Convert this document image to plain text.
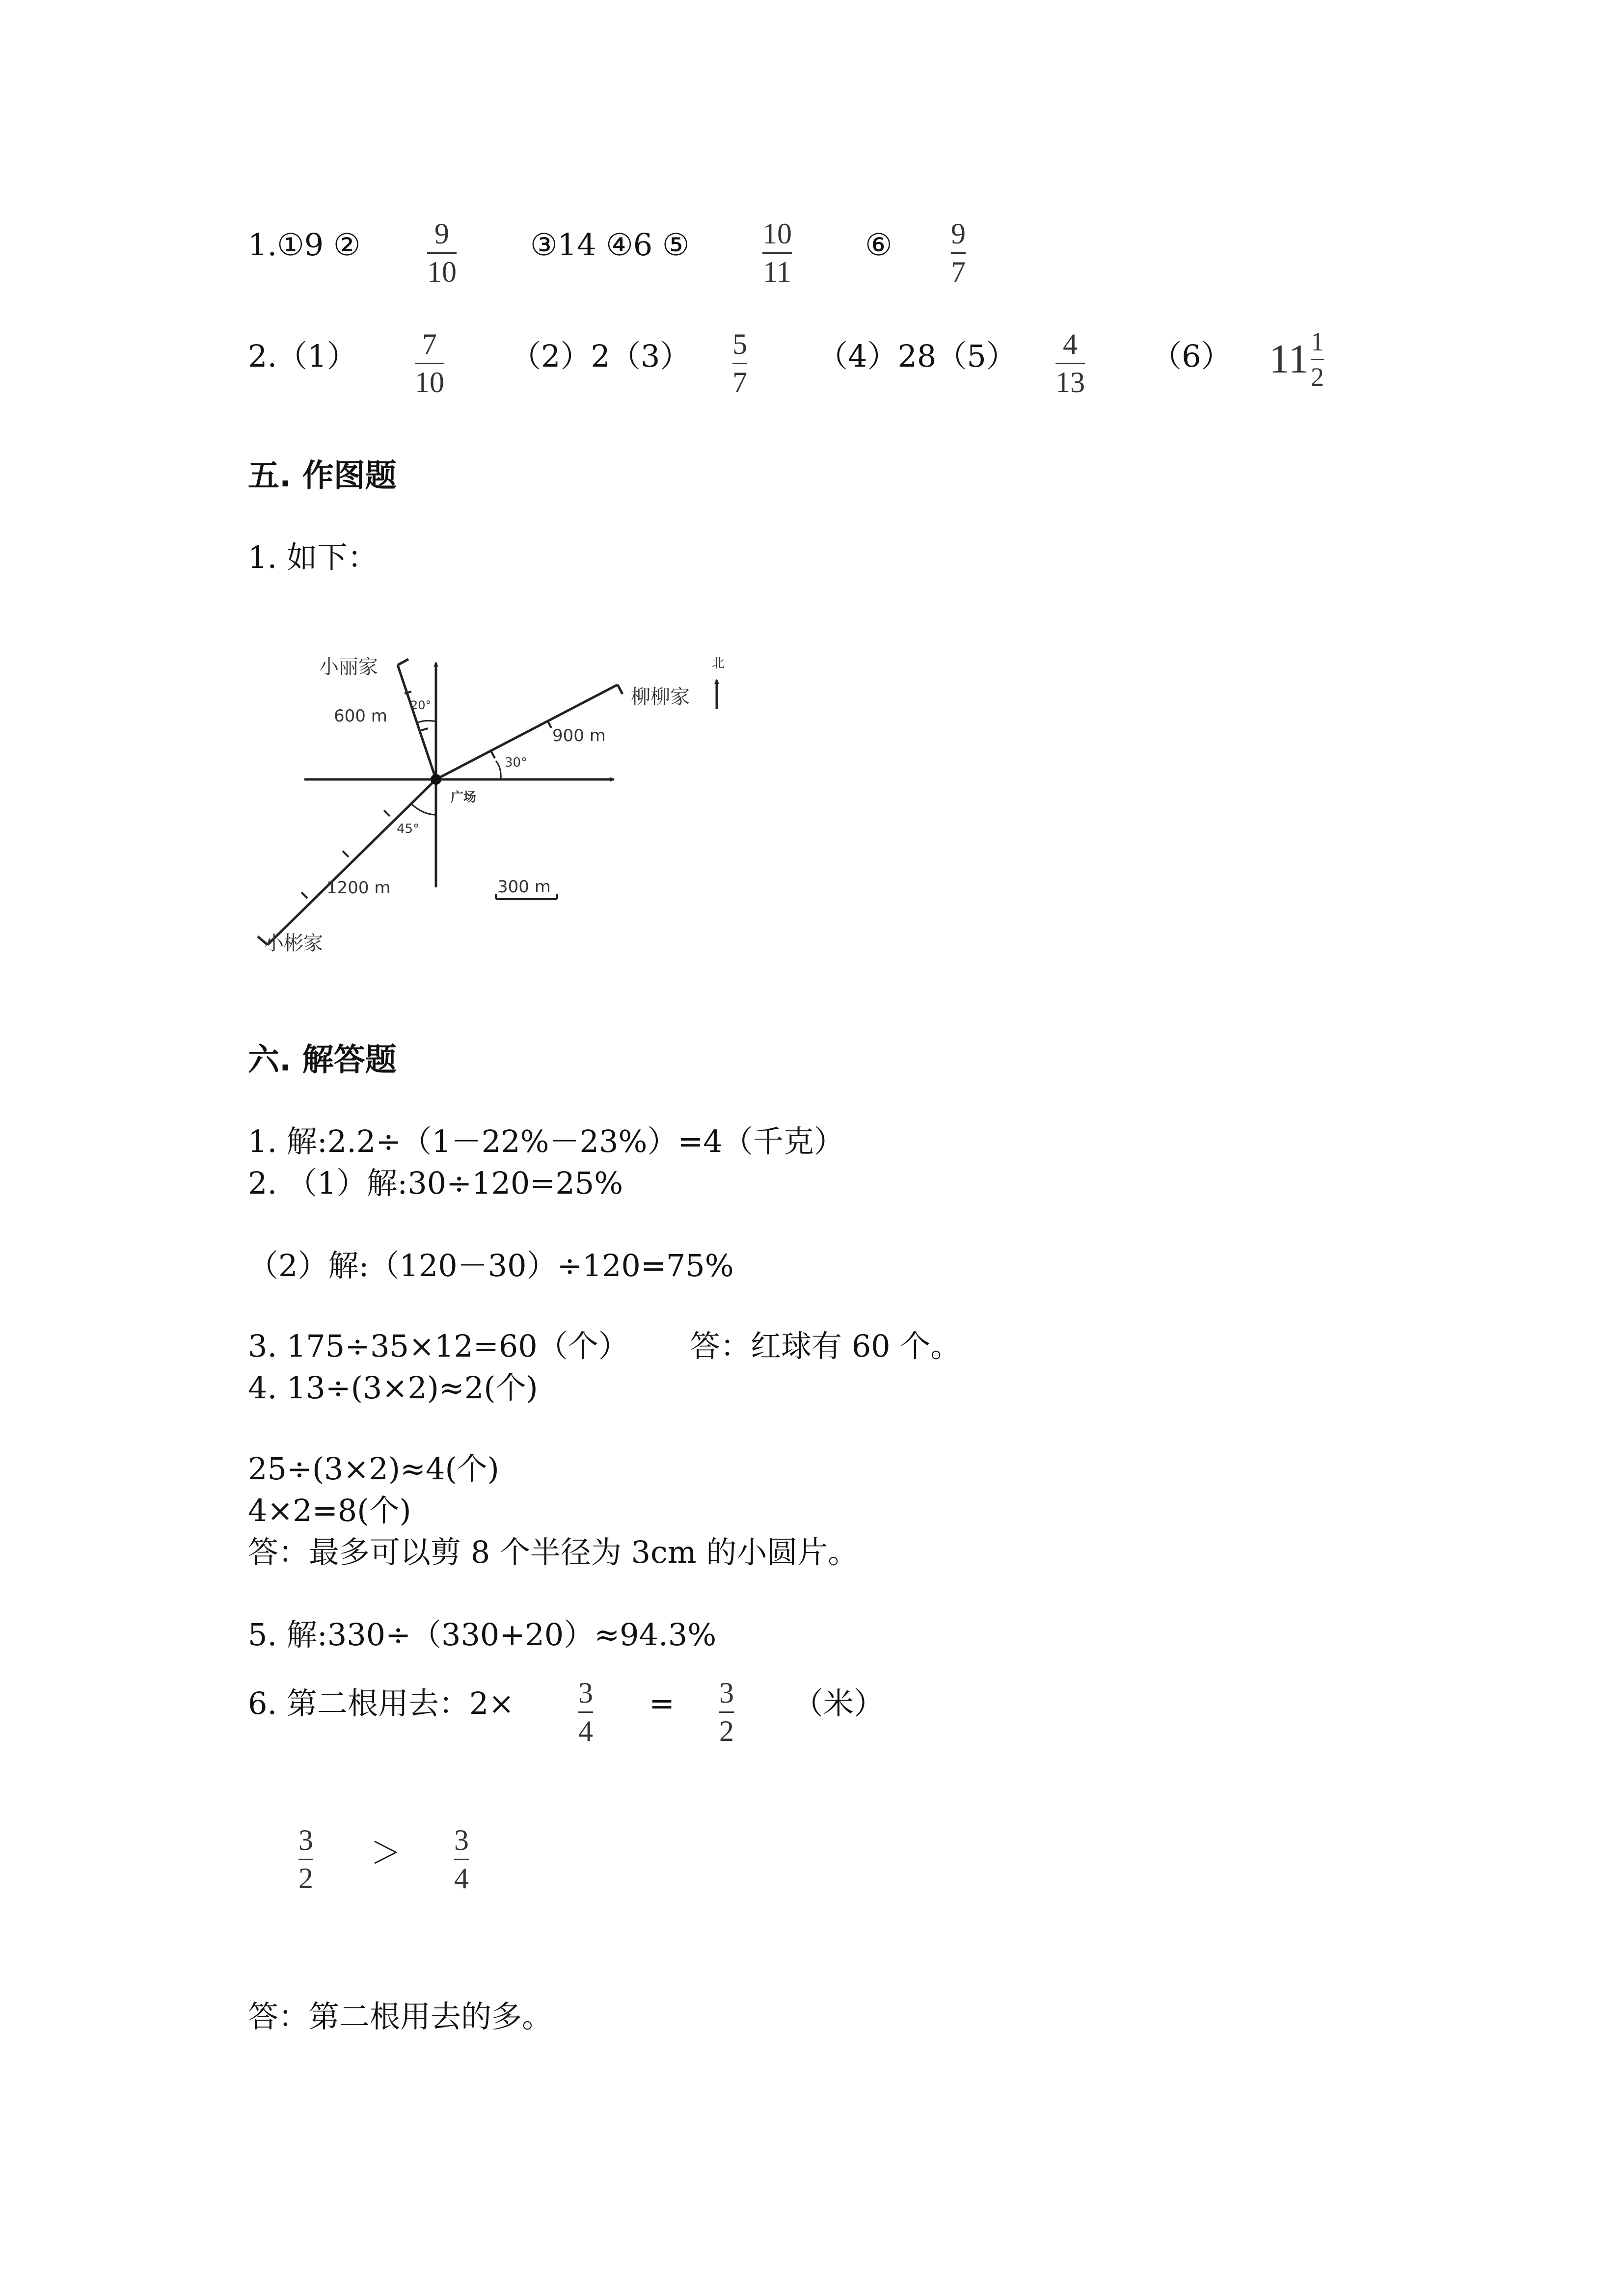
1.①9 ②	9
10
③14 ④6 ⑤ 10
11
⑥ 9
7
2.（1） 7
10
（2）2（3） 5
7
（4）28（5） 4
13
（6） $11 \frac{1}{2}$
五. 作图题
1. 如下：
小丽家
柳柳家
小彬家
北
广场
600 m
900 m
1200 m
20°
30°
45°
300 m
六. 解答题
1. 解:2.2÷（1－22%－23%）=4（千克）
2. （1）解:30÷120=25%
（2）解:（120－30）÷120=75%
3. 175÷35×12=60（个） 答：红球有 60 个。
4. 13÷(3×2)≈2(个)
25÷(3×2)≈4(个)
4×2=8(个)
答：最多可以剪 8 个半径为 3cm 的小圆片。
5. 解:330÷（330+20）≈94.3%
6. 第二根用去：2× 3
4
= 3
2
（米）
3
2
＞ 3
4
答：第二根用去的多。
